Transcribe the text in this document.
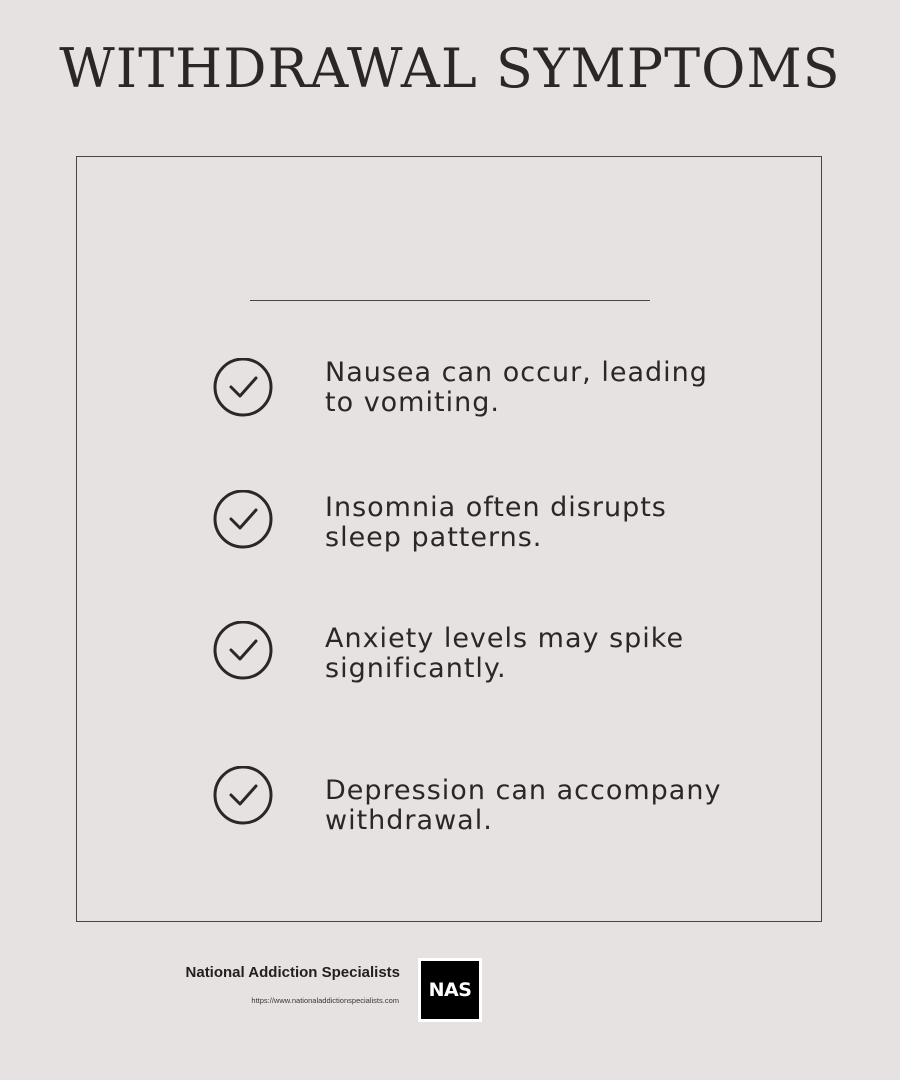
WITHDRAWAL SYMPTOMS
Nausea can occur, leading to vomiting.
Insomnia often disrupts sleep patterns.
Anxiety levels may spike significantly.
Depression can accompany withdrawal.
National Addiction Specialists
https://www.nationaladdictionspecialists.com	NAS
